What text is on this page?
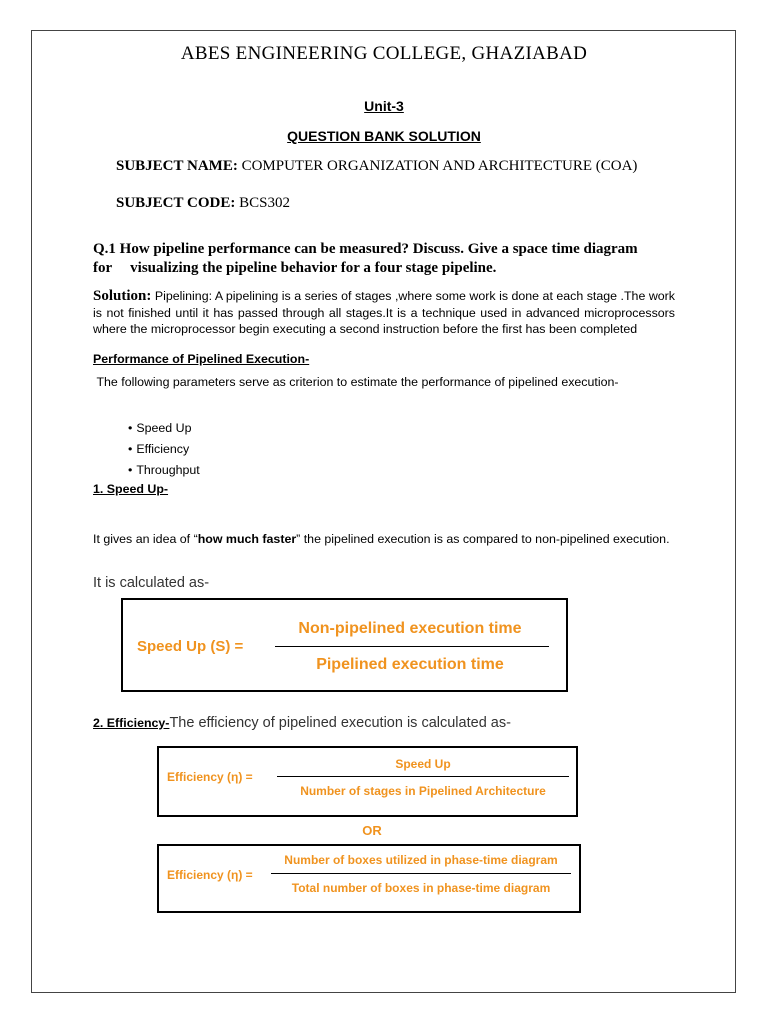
ABES ENGINEERING COLLEGE, GHAZIABAD

Unit-3

QUESTION BANK SOLUTION

SUBJECT NAME: COMPUTER ORGANIZATION AND ARCHITECTURE (COA)

SUBJECT CODE: BCS302

Q.1 How pipeline performance can be measured? Discuss. Give a space time diagram
for visualizing the pipeline behavior for a four stage pipeline.

Solution: Pipelining: A pipelining is a series of stages ,where some work is done at each stage .The work is not finished until it has passed through all stages.It is a technique used in advanced microprocessors where the microprocessor begin executing a second instruction before the first has been completed

Performance of Pipelined Execution-

The following parameters serve as criterion to estimate the performance of pipelined execution-

• Speed Up
• Efficiency
• Throughput

1. Speed Up-

It gives an idea of “how much faster” the pipelined execution is as compared to non-pipelined execution.

It is calculated as-

Speed Up (S) =
Non-pipelined execution time
Pipelined execution time

2. Efficiency-The efficiency of pipelined execution is calculated as-

Efficiency (η) =
Speed Up
Number of stages in Pipelined Architecture

OR

Efficiency (η) =
Number of boxes utilized in phase-time diagram
Total number of boxes in phase-time diagram
